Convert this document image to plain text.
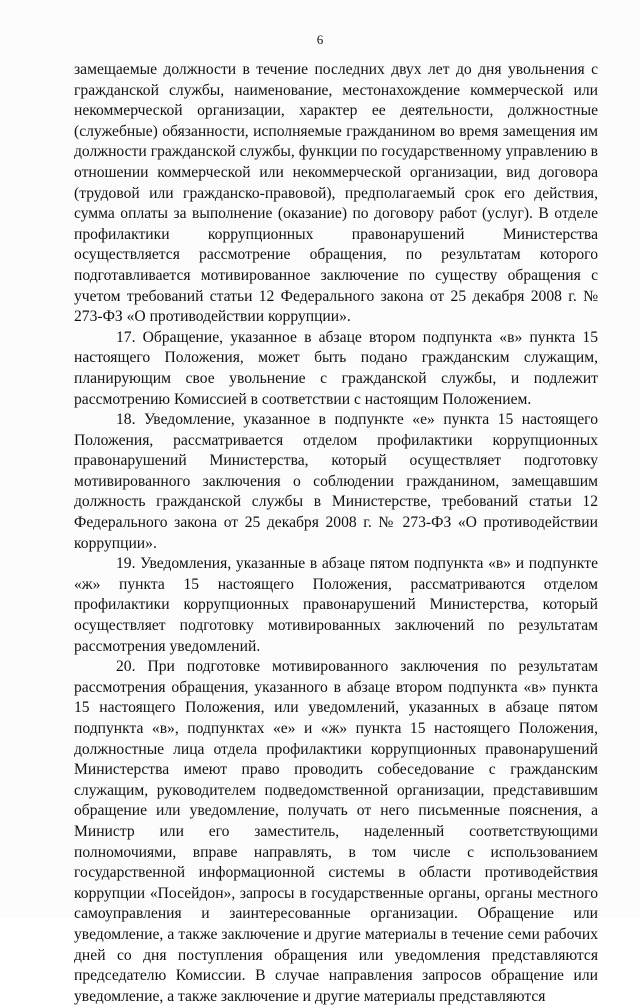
6

замещаемые должности в течение последних двух лет до дня увольнения с гражданской службы, наименование, местонахождение коммерческой или некоммерческой организации, характер ее деятельности, должностные (служебные) обязанности, исполняемые гражданином во время замещения им должности гражданской службы, функции по государственному управлению в отношении коммерческой или некоммерческой организации, вид договора (трудовой или гражданско-правовой), предполагаемый срок его действия, сумма оплаты за выполнение (оказание) по договору работ (услуг). В отделе профилактики коррупционных правонарушений Министерства осуществляется рассмотрение обращения, по результатам которого подготавливается мотивированное заключение по существу обращения с учетом требований статьи 12 Федерального закона от 25 декабря 2008 г. № 273-ФЗ «О противодействии коррупции».

17. Обращение, указанное в абзаце втором подпункта «в» пункта 15 настоящего Положения, может быть подано гражданским служащим, планирующим свое увольнение с гражданской службы, и подлежит рассмотрению Комиссией в соответствии с настоящим Положением.

18. Уведомление, указанное в подпункте «е» пункта 15 настоящего Положения, рассматривается отделом профилактики коррупционных правонарушений Министерства, который осуществляет подготовку мотивированного заключения о соблюдении гражданином, замещавшим должность гражданской службы в Министерстве, требований статьи 12 Федерального закона от 25 декабря 2008 г. № 273-ФЗ «О противодействии коррупции».

19. Уведомления, указанные в абзаце пятом подпункта «в» и подпункте «ж» пункта 15 настоящего Положения, рассматриваются отделом профилактики коррупционных правонарушений Министерства, который осуществляет подготовку мотивированных заключений по результатам рассмотрения уведомлений.

20. При подготовке мотивированного заключения по результатам рассмотрения обращения, указанного в абзаце втором подпункта «в» пункта 15 настоящего Положения, или уведомлений, указанных в абзаце пятом подпункта «в», подпунктах «е» и «ж» пункта 15 настоящего Положения, должностные лица отдела профилактики коррупционных правонарушений Министерства имеют право проводить собеседование с гражданским служащим, руководителем подведомственной организации, представившим обращение или уведомление, получать от него письменные пояснения, а Министр или его заместитель, наделенный соответствующими полномочиями, вправе направлять, в том числе с использованием государственной информационной системы в области противодействия коррупции «Посейдон», запросы в государственные органы, органы местного самоуправления и заинтересованные организации. Обращение или уведомление, а также заключение и другие материалы в течение семи рабочих дней со дня поступления обращения или уведомления представляются председателю Комиссии. В случае направления запросов обращение или уведомление, а также заключение и другие материалы представляются
